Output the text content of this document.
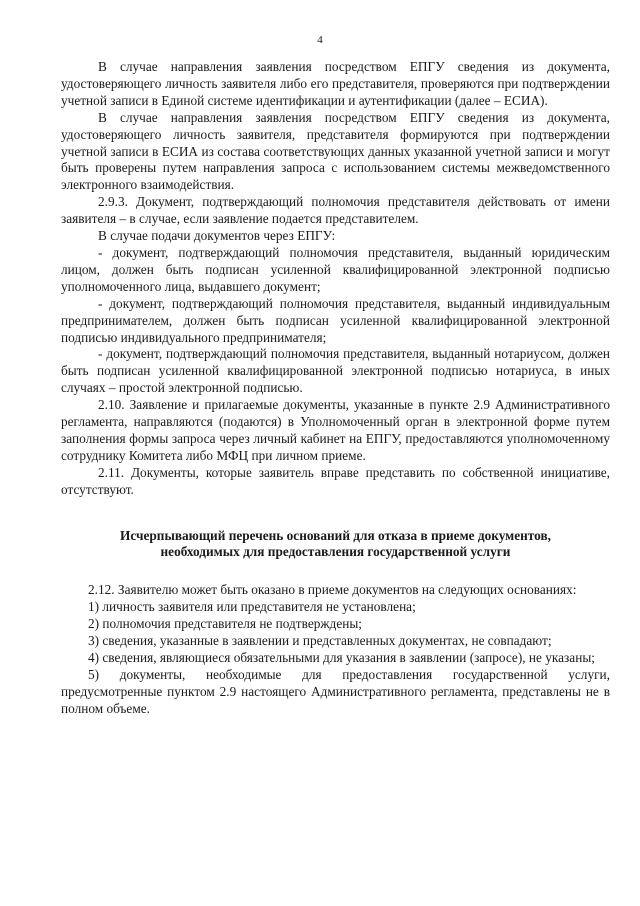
4

В случае направления заявления посредством ЕПГУ сведения из документа, удостоверяющего личность заявителя либо его представителя, проверяются при подтверждении учетной записи в Единой системе идентификации и аутентификации (далее – ЕСИА).

В случае направления заявления посредством ЕПГУ сведения из документа, удостоверяющего личность заявителя, представителя формируются при подтверждении учетной записи в ЕСИА из состава соответствующих данных указанной учетной записи и могут быть проверены путем направления запроса с использованием системы межведомственного электронного взаимодействия.

2.9.3. Документ, подтверждающий полномочия представителя действовать от имени заявителя – в случае, если заявление подается представителем.

В случае подачи документов через ЕПГУ:

- документ, подтверждающий полномочия представителя, выданный юридическим лицом, должен быть подписан усиленной квалифицированной электронной подписью уполномоченного лица, выдавшего документ;

- документ, подтверждающий полномочия представителя, выданный индивидуальным предпринимателем, должен быть подписан усиленной квалифицированной электронной подписью индивидуального предпринимателя;

- документ, подтверждающий полномочия представителя, выданный нотариусом, должен быть подписан усиленной квалифицированной электронной подписью нотариуса, в иных случаях – простой электронной подписью.

2.10. Заявление и прилагаемые документы, указанные в пункте 2.9 Административного регламента, направляются (подаются) в Уполномоченный орган в электронной форме путем заполнения формы запроса через личный кабинет на ЕПГУ, предоставляются уполномоченному сотруднику Комитета либо МФЦ при личном приеме.

2.11. Документы, которые заявитель вправе представить по собственной инициативе, отсутствуют.

Исчерпывающий перечень оснований для отказа в приеме документов,
необходимых для предоставления государственной услуги

2.12. Заявителю может быть оказано в приеме документов на следующих основаниях:

1) личность заявителя или представителя не установлена;

2) полномочия представителя не подтверждены;

3) сведения, указанные в заявлении и представленных документах, не совпадают;

4) сведения, являющиеся обязательными для указания в заявлении (запросе), не указаны;

5) документы, необходимые для предоставления государственной услуги, предусмотренные пунктом 2.9 настоящего Административного регламента, представлены не в полном объеме.
